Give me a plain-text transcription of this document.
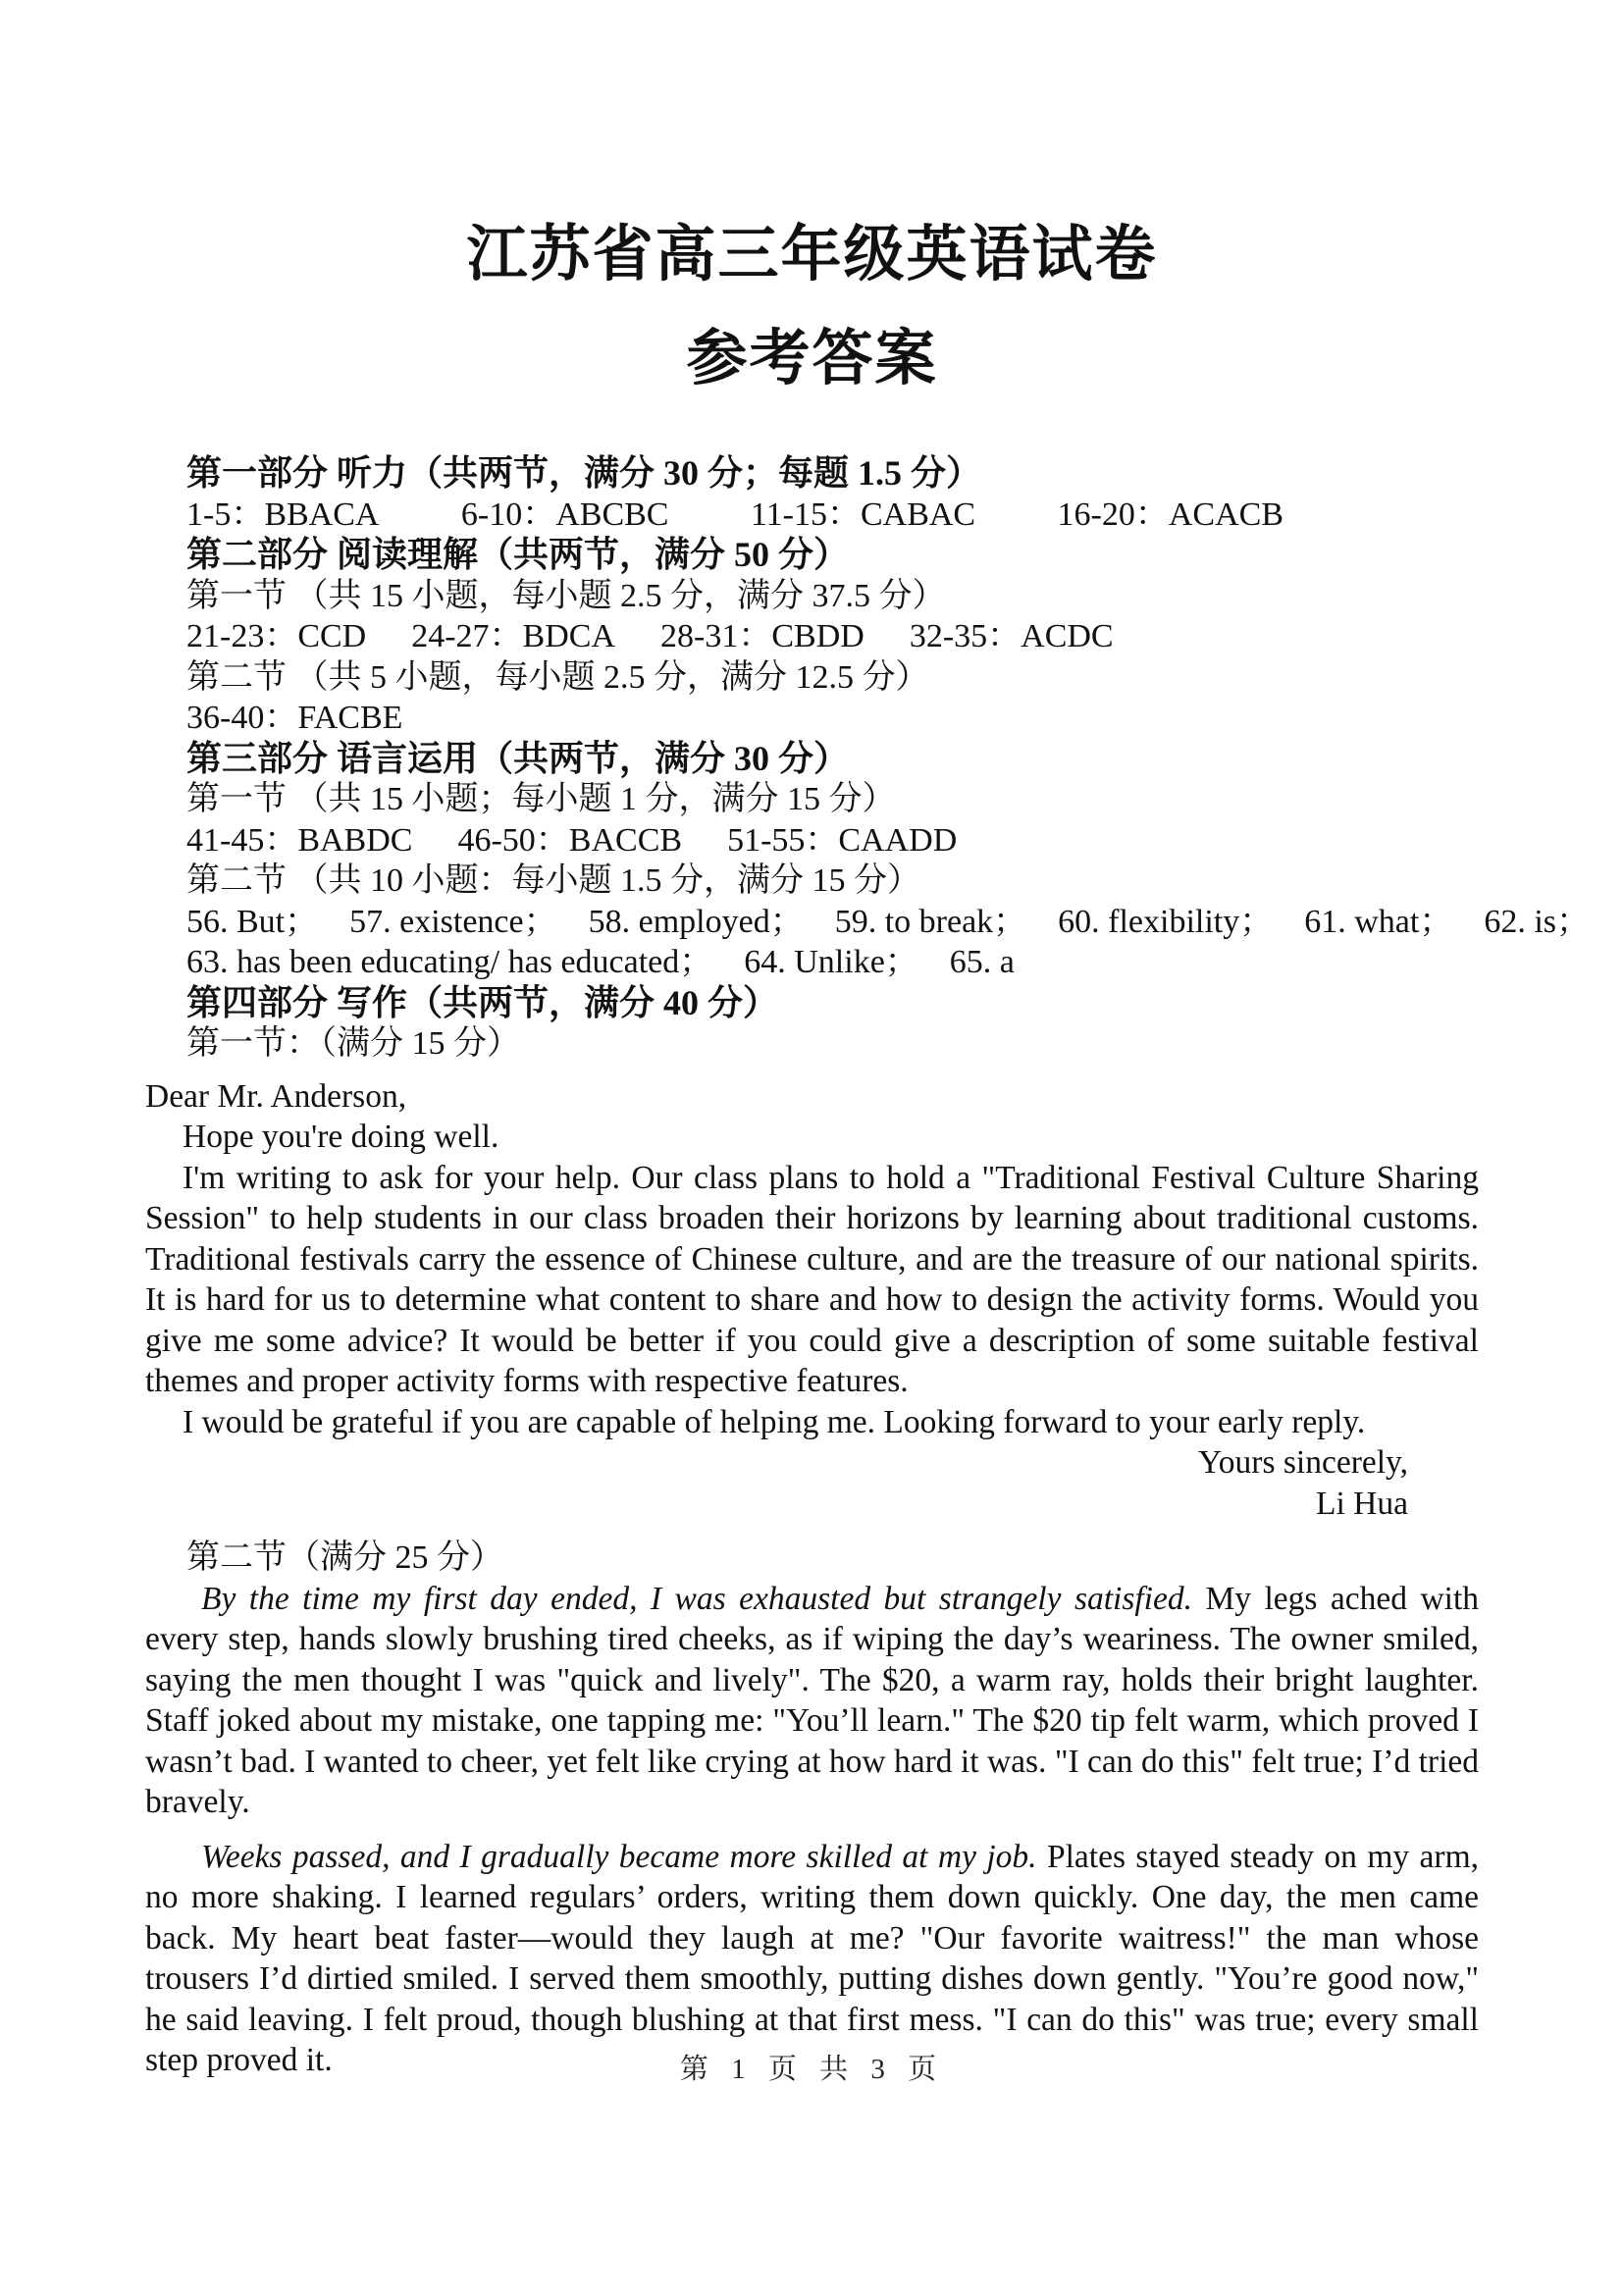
江苏省高三年级英语试卷
参考答案

第一部分 听力（共两节，满分 30 分；每题 1.5 分）

1-5：BBACA 6-10：ABCBC 11-15：CABAC 16-20：ACACB

第二部分 阅读理解（共两节，满分 50 分）

第一节 （共 15 小题，每小题 2.5 分，满分 37.5 分）

21-23：CCD 24-27：BDCA 28-31：CBDD 32-35：ACDC

第二节 （共 5 小题，每小题 2.5 分，满分 12.5 分）

36-40：FACBE

第三部分 语言运用（共两节，满分 30 分）

第一节 （共 15 小题；每小题 1 分，满分 15 分）

41-45：BABDC 46-50：BACCB 51-55：CAADD

第二节 （共 10 小题：每小题 1.5 分，满分 15 分）

56. But； 57. existence； 58. employed； 59. to break； 60. flexibility； 61. what； 62. is；

63. has been educating/ has educated； 64. Unlike； 65. a

第四部分 写作（共两节，满分 40 分）

第一节：（满分 15 分）

Dear Mr. Anderson,

Hope you're doing well.

I'm writing to ask for your help. Our class plans to hold a "Traditional Festival Culture Sharing Session" to help students in our class broaden their horizons by learning about traditional customs. Traditional festivals carry the essence of Chinese culture, and are the treasure of our national spirits. It is hard for us to determine what content to share and how to design the activity forms. Would you give me some advice? It would be better if you could give a description of some suitable festival themes and proper activity forms with respective features.

I would be grateful if you are capable of helping me. Looking forward to your early reply.

Yours sincerely,

Li Hua

第二节（满分 25 分）

By the time my first day ended, I was exhausted but strangely satisfied. My legs ached with every step, hands slowly brushing tired cheeks, as if wiping the day’s weariness. The owner smiled, saying the men thought I was "quick and lively". The $20, a warm ray, holds their bright laughter. Staff joked about my mistake, one tapping me: "You’ll learn." The $20 tip felt warm, which proved I wasn’t bad. I wanted to cheer, yet felt like crying at how hard it was. "I can do this" felt true; I’d tried bravely.

Weeks passed, and I gradually became more skilled at my job. Plates stayed steady on my arm, no more shaking. I learned regulars’ orders, writing them down quickly. One day, the men came back. My heart beat faster—would they laugh at me? "Our favorite waitress!" the man whose trousers I’d dirtied smiled. I served them smoothly, putting dishes down gently. "You’re good now," he said leaving. I felt proud, though blushing at that first mess. "I can do this" was true; every small step proved it.	第 1 页 共 3 页
